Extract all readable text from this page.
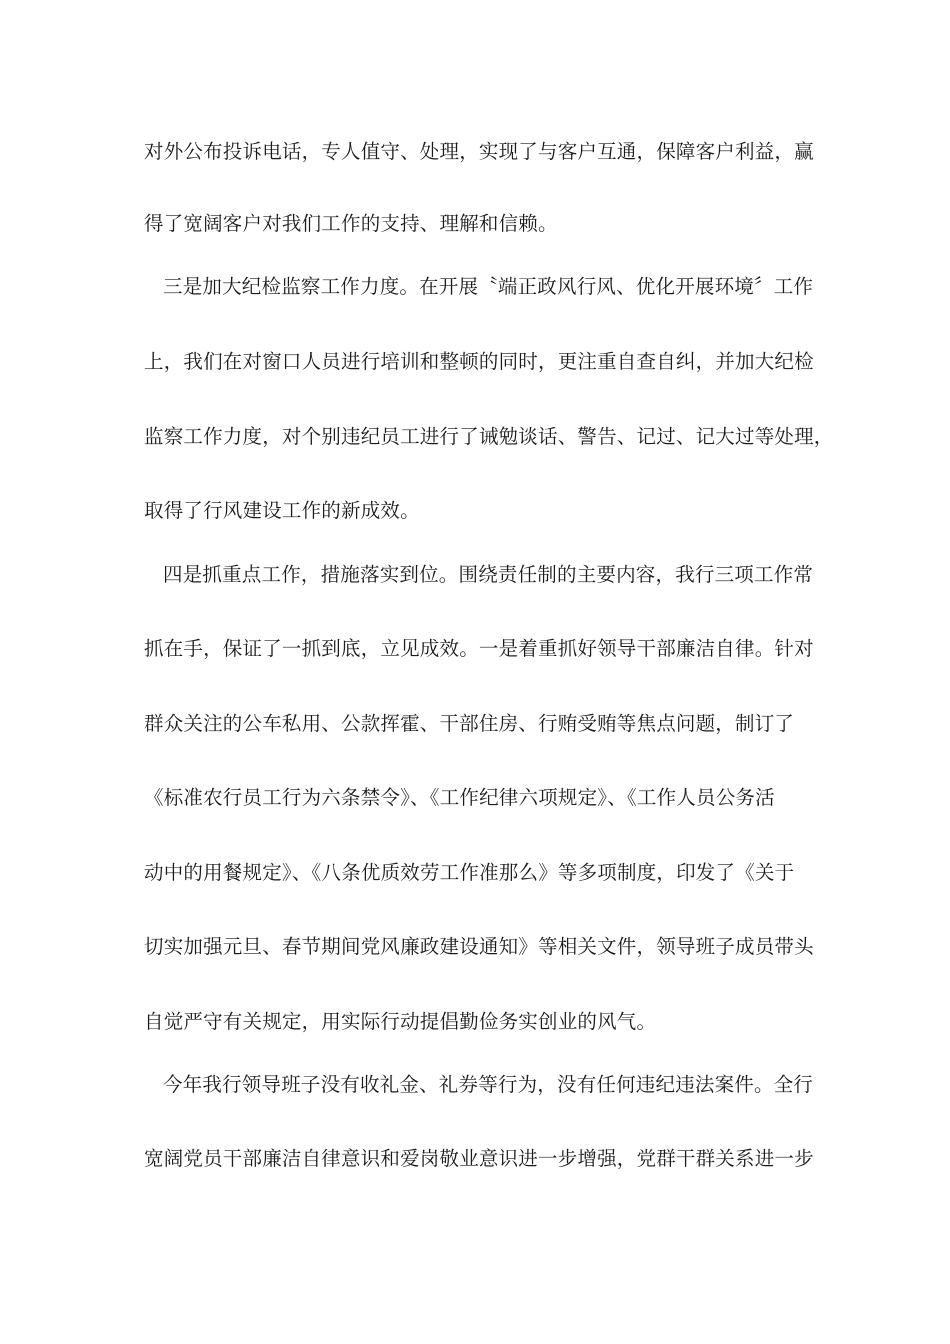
对外公布投诉电话，专人值守、处理，实现了与客户互通，保障客户利益，赢
得了宽阔客户对我们工作的支持、理解和信赖。
三是加大纪检监察工作力度。在开展〝端正政风行风、优化开展环境〞工作
上，我们在对窗口人员进行培训和整顿的同时，更注重自查自纠，并加大纪检
监察工作力度，对个别违纪员工进行了诫勉谈话、警告、记过、记大过等处理，
取得了行风建设工作的新成效。
四是抓重点工作，措施落实到位。围绕责任制的主要内容，我行三项工作常
抓在手，保证了一抓到底，立见成效。一是着重抓好领导干部廉洁自律。针对
群众关注的公车私用、公款挥霍、干部住房、行贿受贿等焦点问题，制订了
《标准农行员工行为六条禁令》、《工作纪律六项规定》、《工作人员公务活
动中的用餐规定》、《八条优质效劳工作准那么》等多项制度，印发了《关于
切实加强元旦、春节期间党风廉政建设通知》等相关文件，领导班子成员带头
自觉严守有关规定，用实际行动提倡勤俭务实创业的风气。
今年我行领导班子没有收礼金、礼券等行为，没有任何违纪违法案件。全行
宽阔党员干部廉洁自律意识和爱岗敬业意识进一步增强，党群干群关系进一步
